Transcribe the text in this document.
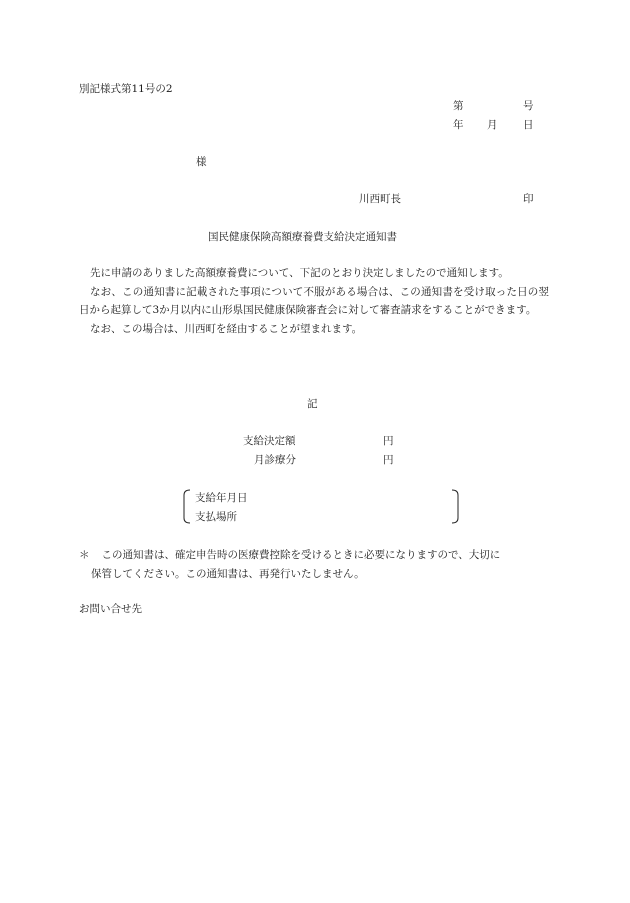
別記様式第11号の2
第	号
年 月 日
様
川西町長	印
国民健康保険高額療養費支給決定通知書

先に申請のありました高額療養費について、下記のとおり決定しましたので通知します。

なお、この通知書に記載された事項について不服がある場合は、この通知書を受け取った日の翌日から起算して3か月以内に山形県国民健康保険審査会に対して審査請求をすることができます。

なお、この場合は、川西町を経由することが望まれます。

記
支給決定額	円
月診療分	円
支給年月日
支払場所
＊ この通知書は、確定申告時の医療費控除を受けるときに必要になりますので、大切に
保管してください。この通知書は、再発行いたしません。
お問い合せ先
